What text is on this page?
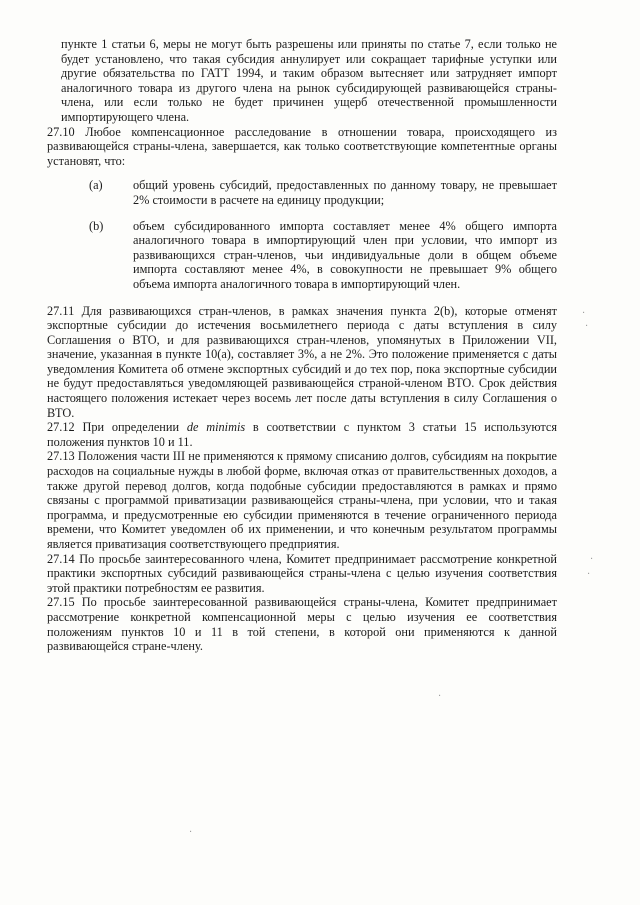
пункте 1 статьи 6, меры не могут быть разрешены или приняты по статье 7, если только не будет установлено, что такая субсидия аннулирует или сокращает тарифные уступки или другие обязательства по ГАТТ 1994, и таким образом вытесняет или затрудняет импорт аналогичного товара из другого члена на рынок субсидирующей развивающейся страны-члена, или если только не будет причинен ущерб отечественной промышленности импортирующего члена.

27.10 Любое компенсационное расследование в отношении товара, происходящего из развивающейся страны-члена, завершается, как только соответствующие компетентные органы установят, что:

(a)	общий уровень субсидий, предоставленных по данному товару, не превышает 2% стоимости в расчете на единицу продукции;
(b)	объем субсидированного импорта составляет менее 4% общего импорта аналогичного товара в импортирующий член при условии, что импорт из развивающихся стран-членов, чьи индивидуальные доли в общем объеме импорта составляют менее 4%, в совокупности не превышает 9% общего объема импорта аналогичного товара в импортирующий член.

27.11 Для развивающихся стран-членов, в рамках значения пункта 2(b), которые отменят экспортные субсидии до истечения восьмилетнего периода с даты вступления в силу Соглашения о ВТО, и для развивающихся стран-членов, упомянутых в Приложении VII, значение, указанная в пункте 10(а), составляет 3%, а не 2%. Это положение применяется с даты уведомления Комитета об отмене экспортных субсидий и до тех пор, пока экспортные субсидии не будут предоставляться уведомляющей развивающейся страной-членом ВТО. Срок действия настоящего положения истекает через восемь лет после даты вступления в силу Соглашения о ВТО.

27.12 При определении de minimis в соответствии с пунктом 3 статьи 15 используются положения пунктов 10 и 11.

27.13 Положения части III не применяются к прямому списанию долгов, субсидиям на покрытие расходов на социальные нужды в любой форме, включая отказ от правительственных доходов, а также другой перевод долгов, когда подобные субсидии предоставляются в рамках и прямо связаны с программой приватизации развивающейся страны-члена, при условии, что и такая программа, и предусмотренные ею субсидии применяются в течение ограниченного периода времени, что Комитет уведомлен об их применении, и что конечным результатом программы является приватизация соответствующего предприятия.

27.14 По просьбе заинтересованного члена, Комитет предпринимает рассмотрение конкретной практики экспортных субсидий развивающейся страны-члена с целью изучения соответствия этой практики потребностям ее развития.

27.15 По просьбе заинтересованной развивающейся страны-члена, Комитет предпринимает рассмотрение конкретной компенсационной меры с целью изучения ее соответствия положениям пунктов 10 и 11 в той степени, в которой они применяются к данной развивающейся стране-члену.

·
·
·
·
·
·
